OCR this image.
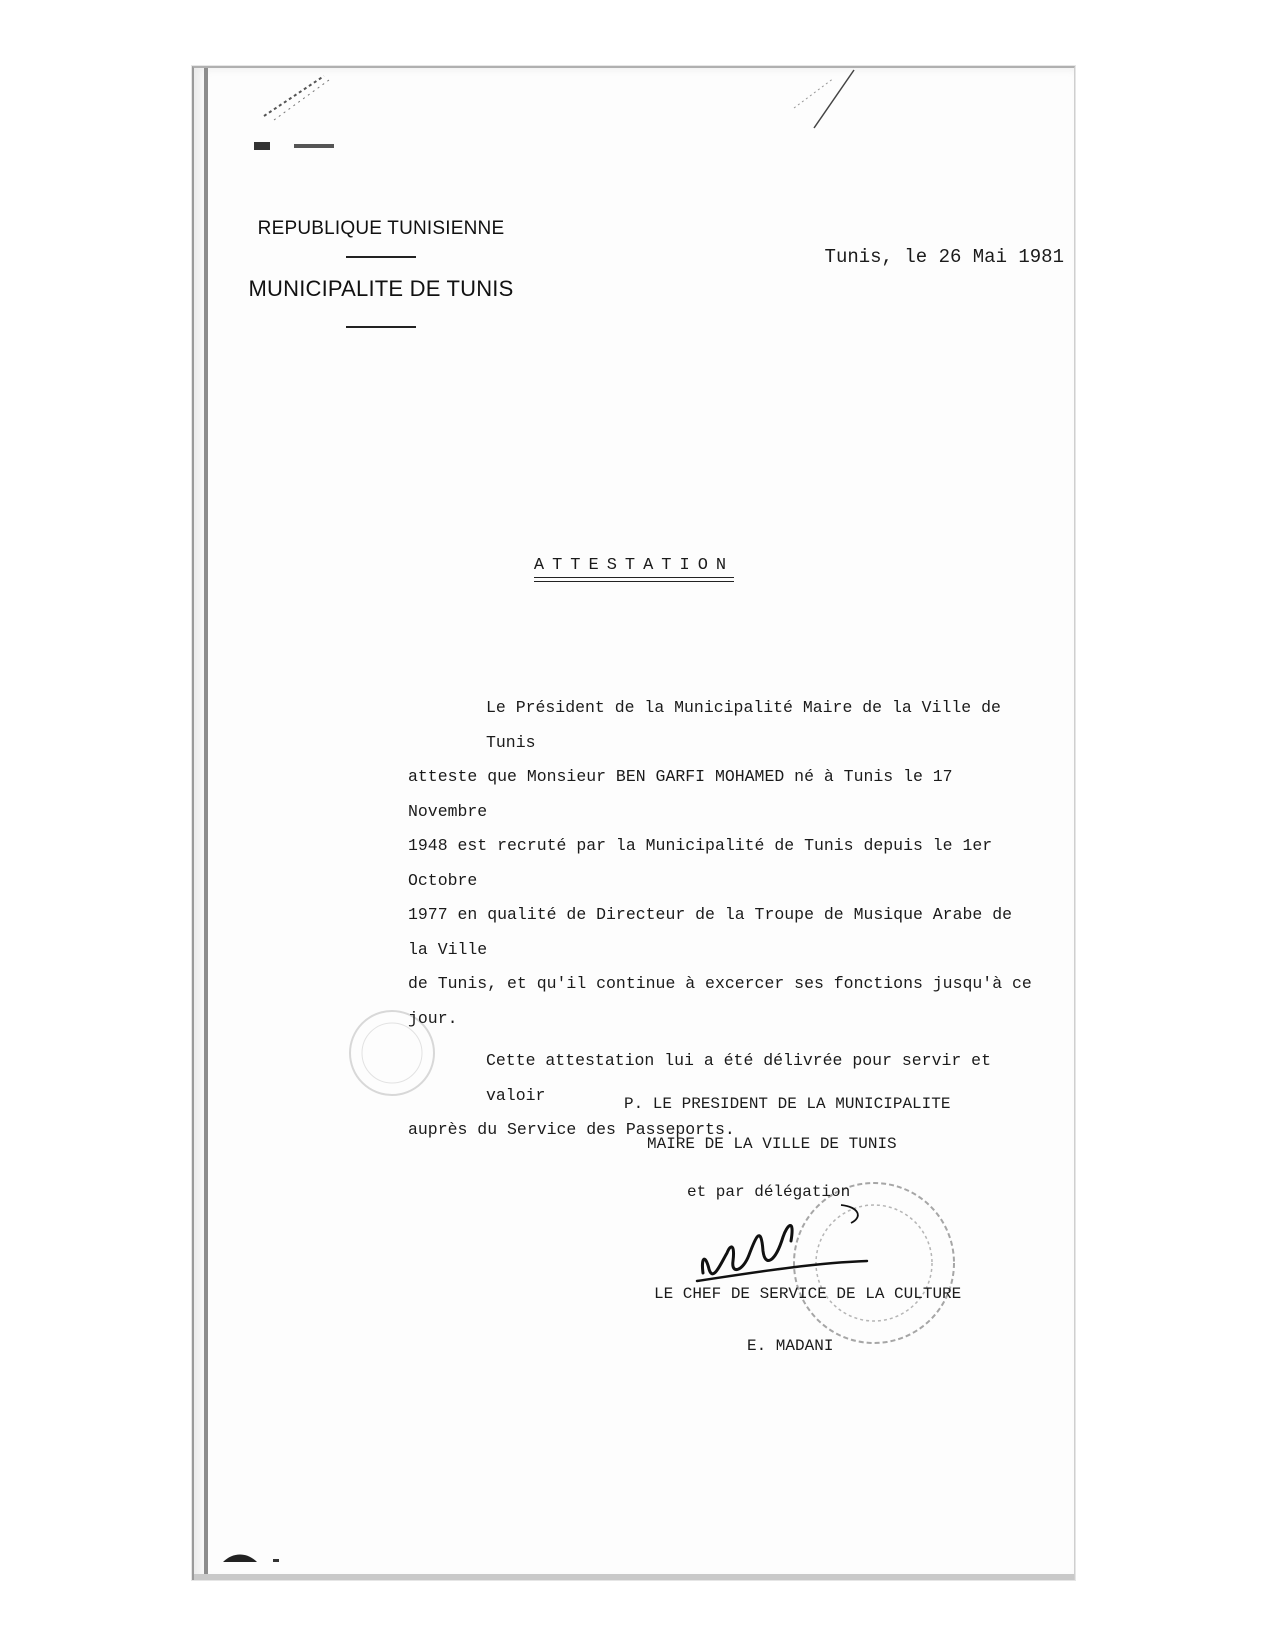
REPUBLIQUE TUNISIENNE
MUNICIPALITE DE TUNIS
Tunis, le 26 Mai 1981
ATTESTATION
Le Président de la Municipalité Maire de la Ville de Tunis
atteste que Monsieur BEN GARFI MOHAMED né à Tunis le 17 Novembre
1948 est recruté par la Municipalité de Tunis depuis le 1er Octobre
1977 en qualité de Directeur de la Troupe de Musique Arabe de la Ville
de Tunis, et qu'il continue à excercer ses fonctions jusqu'à ce jour.
Cette attestation lui a été délivrée pour servir et valoir
auprès du Service des Passeports.
P. LE PRESIDENT DE LA MUNICIPALITE
MAIRE DE LA VILLE DE TUNIS
et par délégation
LE CHEF DE SERVICE DE LA CULTURE
E. MADANI
